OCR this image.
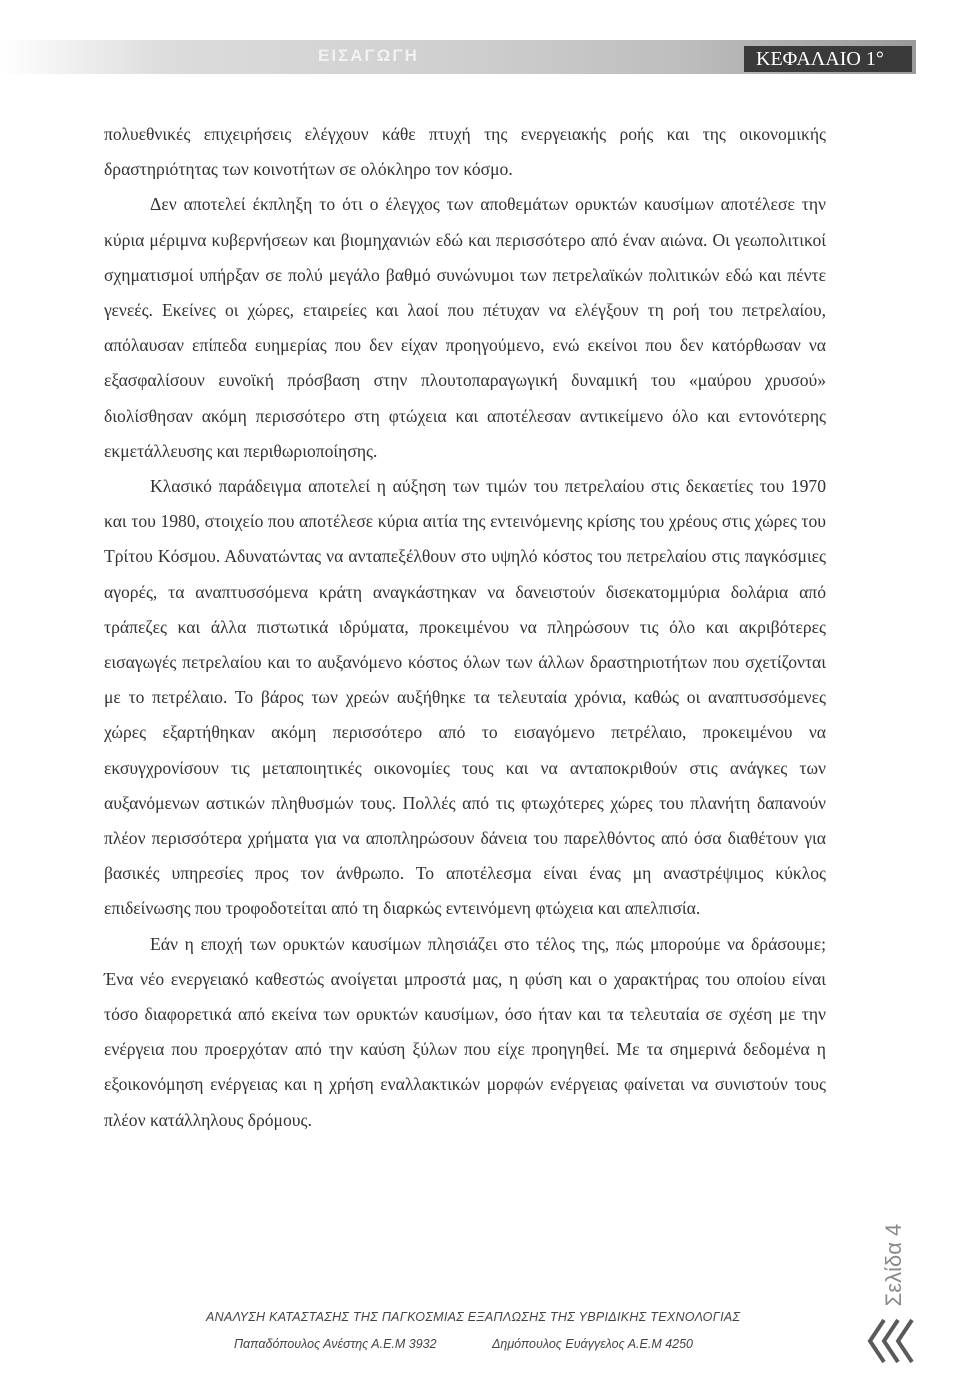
ΕΙΣΑΓΩΓΗ	ΚΕΦΑΛΑΙΟ 1°

πολυεθνικές επιχειρήσεις ελέγχουν κάθε πτυχή της ενεργειακής ροής και της οικονομικής δραστηριότητας των κοινοτήτων σε ολόκληρο τον κόσμο.

Δεν αποτελεί έκπληξη το ότι ο έλεγχος των αποθεμάτων ορυκτών καυσίμων αποτέλεσε την κύρια μέριμνα κυβερνήσεων και βιομηχανιών εδώ και περισσότερο από έναν αιώνα. Οι γεωπολιτικοί σχηματισμοί υπήρξαν σε πολύ μεγάλο βαθμό συνώνυμοι των πετρελαϊκών πολιτικών εδώ και πέντε γενεές. Εκείνες οι χώρες, εταιρείες και λαοί που πέτυχαν να ελέγξουν τη ροή του πετρελαίου, απόλαυσαν επίπεδα ευημερίας που δεν είχαν προηγούμενο, ενώ εκείνοι που δεν κατόρθωσαν να εξασφαλίσουν ευνοϊκή πρόσβαση στην πλουτοπαραγωγική δυναμική του «μαύρου χρυσού» διολίσθησαν ακόμη περισσότερο στη φτώχεια και αποτέλεσαν αντικείμενο όλο και εντονότερης εκμετάλλευσης και περιθωριοποίησης.

Κλασικό παράδειγμα αποτελεί η αύξηση των τιμών του πετρελαίου στις δεκαετίες του 1970 και του 1980, στοιχείο που αποτέλεσε κύρια αιτία της εντεινόμενης κρίσης του χρέους στις χώρες του Τρίτου Κόσμου. Αδυνατώντας να ανταπεξέλθουν στο υψηλό κόστος του πετρελαίου στις παγκόσμιες αγορές, τα αναπτυσσόμενα κράτη αναγκάστηκαν να δανειστούν δισεκατομμύρια δολάρια από τράπεζες και άλλα πιστωτικά ιδρύματα, προκειμένου να πληρώσουν τις όλο και ακριβότερες εισαγωγές πετρελαίου και το αυξανόμενο κόστος όλων των άλλων δραστηριοτήτων που σχετίζονται με το πετρέλαιο. Το βάρος των χρεών αυξήθηκε τα τελευταία χρόνια, καθώς οι αναπτυσσόμενες χώρες εξαρτήθηκαν ακόμη περισσότερο από το εισαγόμενο πετρέλαιο, προκειμένου να εκσυγχρονίσουν τις μεταποιητικές οικονομίες τους και να ανταποκριθούν στις ανάγκες των αυξανόμενων αστικών πληθυσμών τους. Πολλές από τις φτωχότερες χώρες του πλανήτη δαπανούν πλέον περισσότερα χρήματα για να αποπληρώσουν δάνεια του παρελθόντος από όσα διαθέτουν για βασικές υπηρεσίες προς τον άνθρωπο. Το αποτέλεσμα είναι ένας μη αναστρέψιμος κύκλος επιδείνωσης που τροφοδοτείται από τη διαρκώς εντεινόμενη φτώχεια και απελπισία.

Εάν η εποχή των ορυκτών καυσίμων πλησιάζει στο τέλος της, πώς μπορούμε να δράσουμε; Ένα νέο ενεργειακό καθεστώς ανοίγεται μπροστά μας, η φύση και ο χαρακτήρας του οποίου είναι τόσο διαφορετικά από εκείνα των ορυκτών καυσίμων, όσο ήταν και τα τελευταία σε σχέση με την ενέργεια που προερχόταν από την καύση ξύλων που είχε προηγηθεί. Με τα σημερινά δεδομένα η εξοικονόμηση ενέργειας και η χρήση εναλλακτικών μορφών ενέργειας φαίνεται να συνιστούν τους πλέον κατάλληλους δρόμους.

Σελίδα 4
ΑΝΑΛΥΣΗ ΚΑΤΑΣΤΑΣΗΣ ΤΗΣ ΠΑΓΚΟΣΜΙΑΣ ΕΞΑΠΛΩΣΗΣ ΤΗΣ ΥΒΡΙΔΙΚΗΣ ΤΕΧΝΟΛΟΓΙΑΣ
Παπαδόπουλος Ανέστης Α.Ε.Μ 3932	Δημόπουλος Ευάγγελος Α.Ε.Μ 4250
